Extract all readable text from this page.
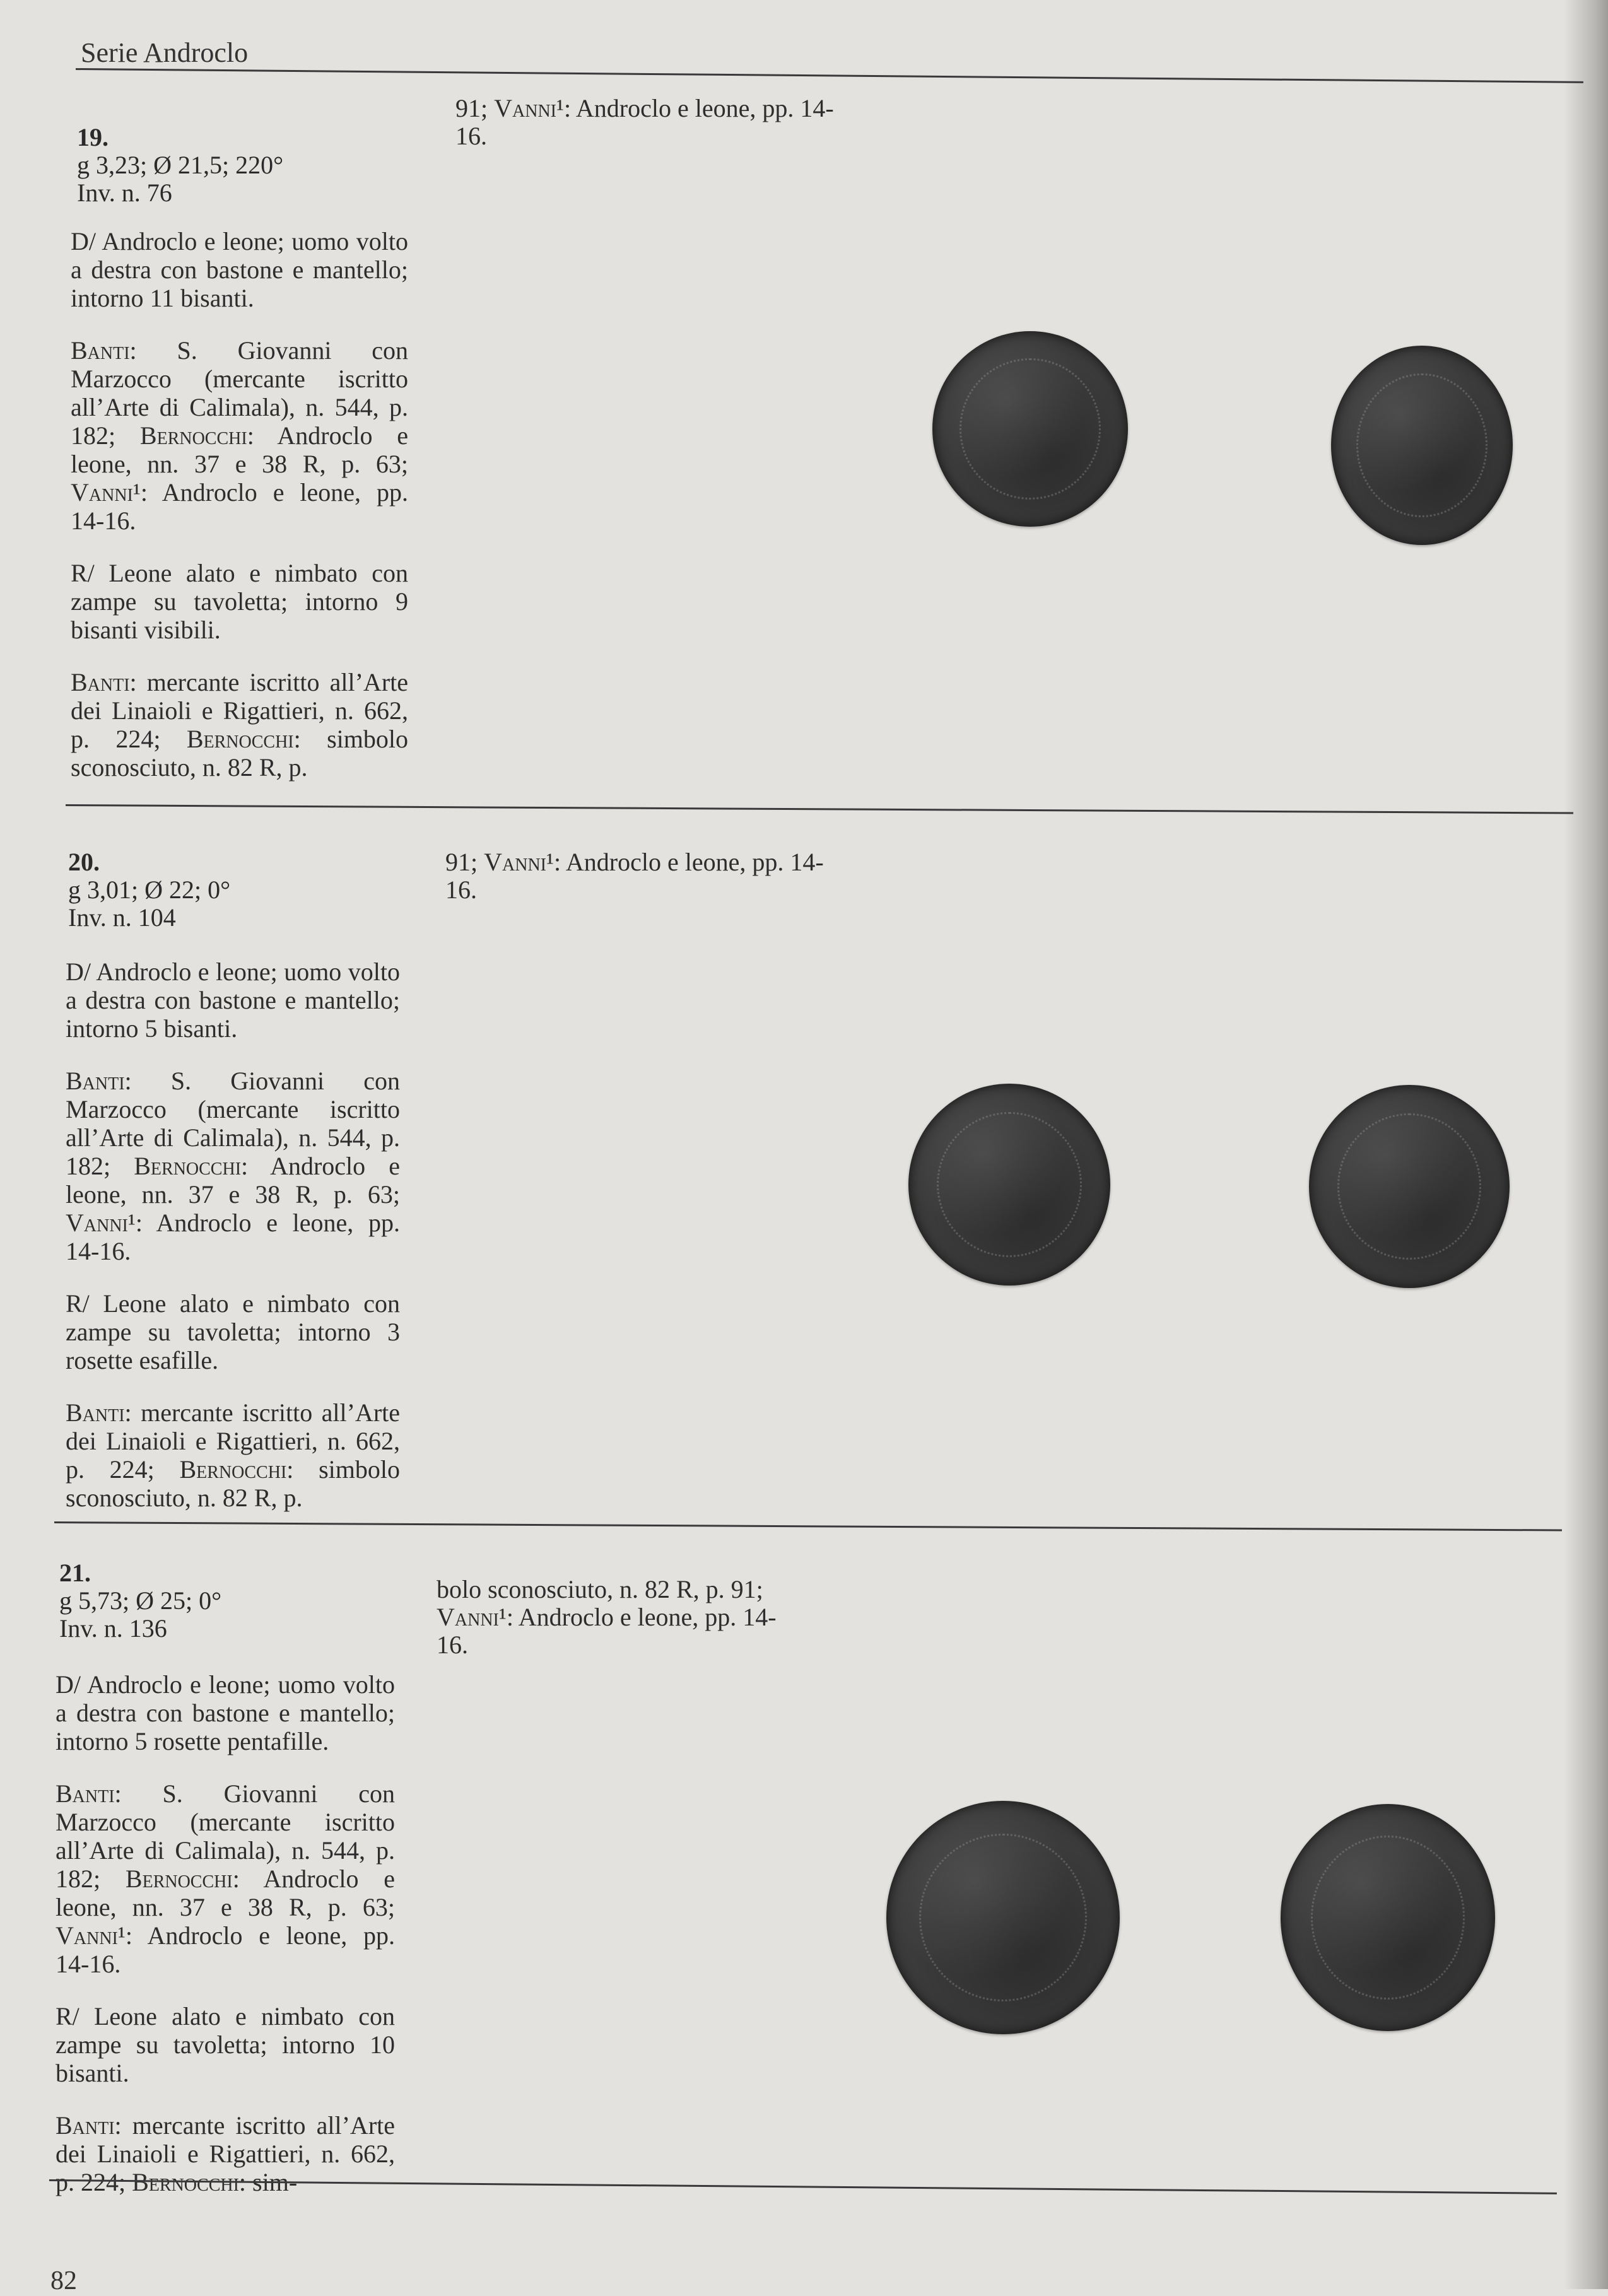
Serie Androclo
19.
g 3,23; Ø 21,5; 220°
Inv. n. 76

D/ Androclo e leone; uomo volto a destra con bastone e mantello; intorno 11 bisanti.

Banti: S. Giovanni con Marzocco (mercante iscritto all’Arte di Calimala), n. 544, p. 182; Bernocchi: Androclo e leone, nn. 37 e 38 R, p. 63; Vanni¹: Androclo e leone, pp. 14-16.

R/ Leone alato e nimbato con zampe su tavoletta; intorno 9 bisanti visibili.

Banti: mercante iscritto all’Arte dei Linaioli e Rigattieri, n. 662, p. 224; Bernocchi: simbolo sconosciuto, n. 82 R, p.

91; Vanni¹: Androclo e leone, pp. 14-16.
20.
g 3,01; Ø 22; 0°
Inv. n. 104

D/ Androclo e leone; uomo volto a destra con bastone e mantello; intorno 5 bisanti.

Banti: S. Giovanni con Marzocco (mercante iscritto all’Arte di Calimala), n. 544, p. 182; Bernocchi: Androclo e leone, nn. 37 e 38 R, p. 63; Vanni¹: Androclo e leone, pp. 14-16.

R/ Leone alato e nimbato con zampe su tavoletta; intorno 3 rosette esafille.

Banti: mercante iscritto all’Arte dei Linaioli e Rigattieri, n. 662, p. 224; Bernocchi: simbolo sconosciuto, n. 82 R, p.

91; Vanni¹: Androclo e leone, pp. 14-16.
21.
g 5,73; Ø 25; 0°
Inv. n. 136

D/ Androclo e leone; uomo volto a destra con bastone e mantello; intorno 5 rosette pentafille.

Banti: S. Giovanni con Marzocco (mercante iscritto all’Arte di Calimala), n. 544, p. 182; Bernocchi: Androclo e leone, nn. 37 e 38 R, p. 63; Vanni¹: Androclo e leone, pp. 14-16.

R/ Leone alato e nimbato con zampe su tavoletta; intorno 10 bisanti.

Banti: mercante iscritto all’Arte dei Linaioli e Rigattieri, n. 662, p. 224; Bernocchi: sim-

bolo sconosciuto, n. 82 R, p. 91; Vanni¹: Androclo e leone, pp. 14-16.
82
